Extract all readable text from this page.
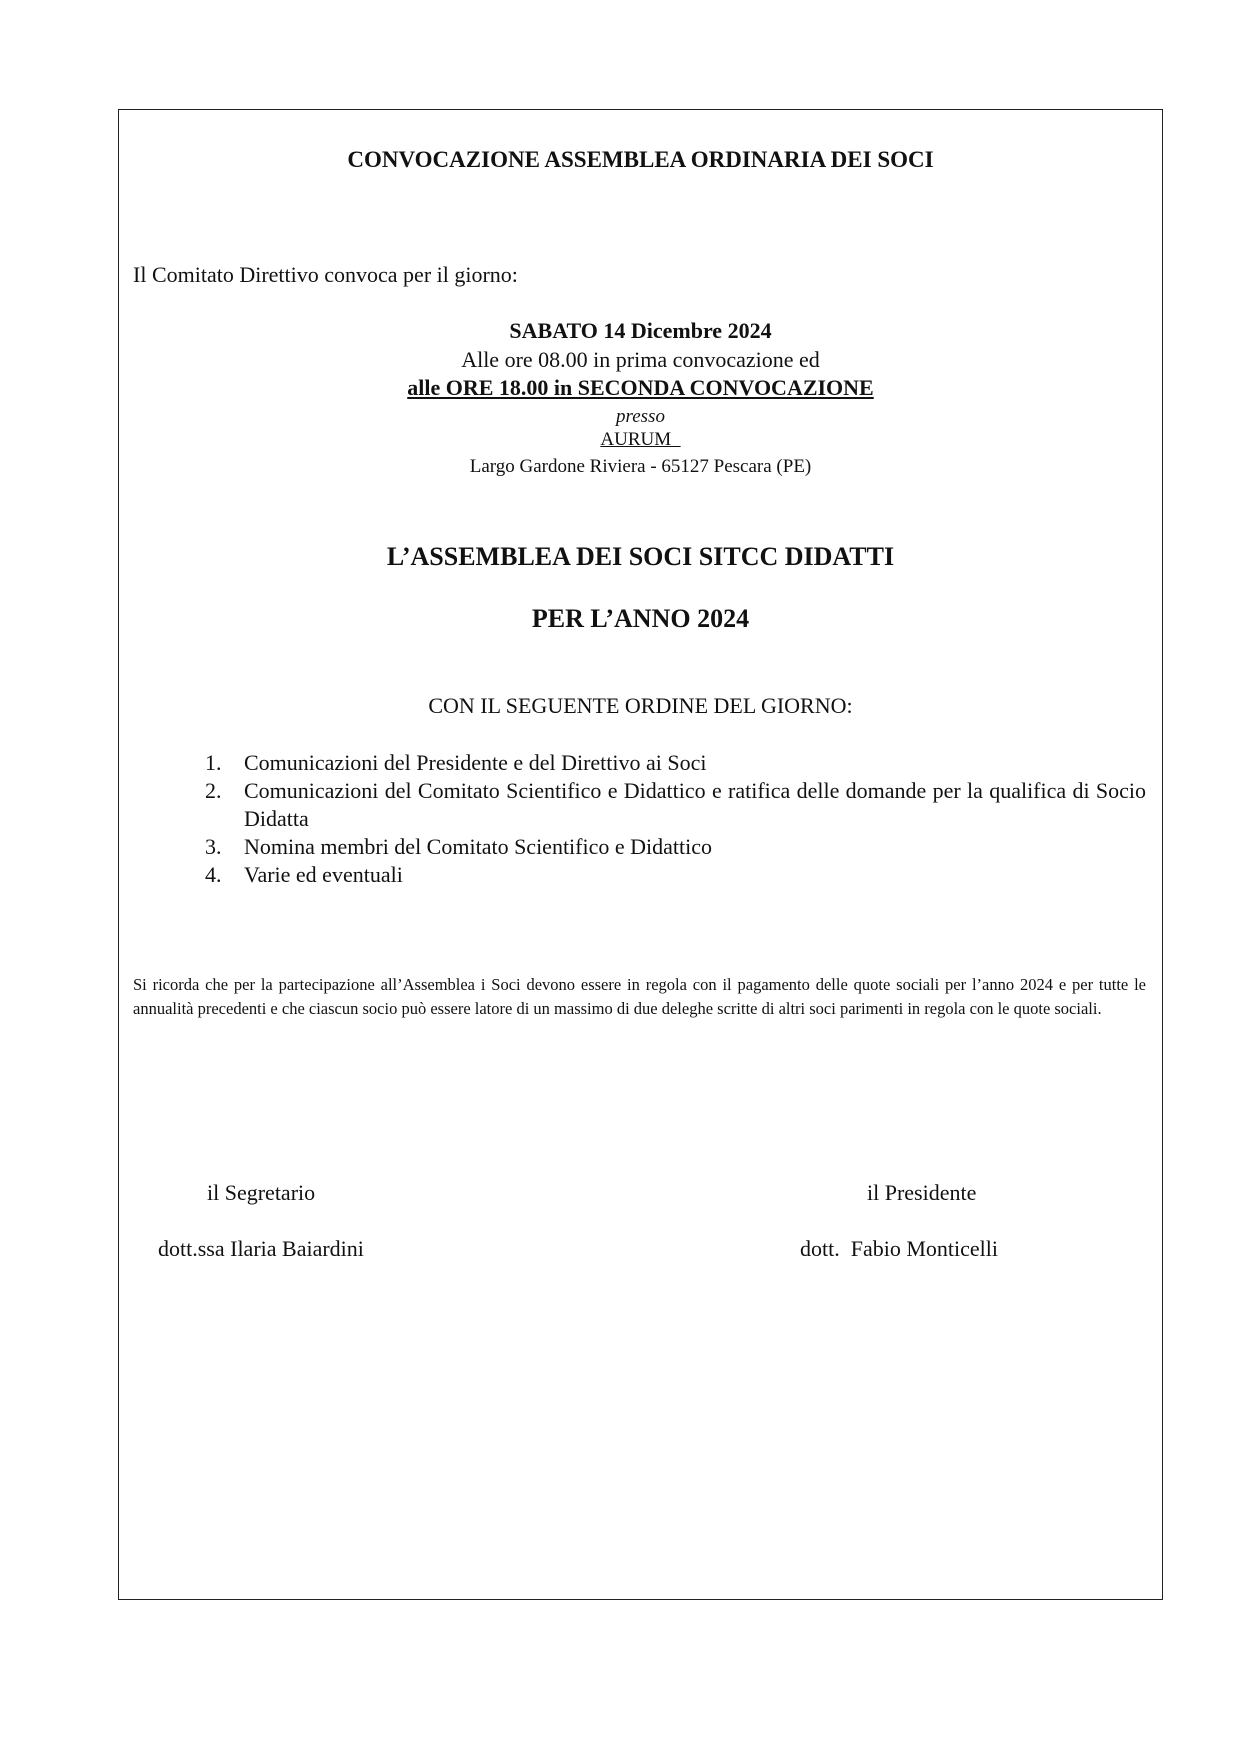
CONVOCAZIONE ASSEMBLEA ORDINARIA DEI SOCI
Il Comitato Direttivo convoca per il giorno:
SABATO 14 Dicembre 2024
Alle ore 08.00 in prima convocazione ed
alle ORE 18.00 in SECONDA CONVOCAZIONE
presso
AURUM
Largo Gardone Riviera - 65127 Pescara (PE)
L’ASSEMBLEA DEI SOCI SITCC DIDATTI
PER L’ANNO 2024
CON IL SEGUENTE ORDINE DEL GIORNO:
1. Comunicazioni del Presidente e del Direttivo ai Soci
2. Comunicazioni del Comitato Scientifico e Didattico e ratifica delle domande per la qualifica di Socio Didatta
3. Nomina membri del Comitato Scientifico e Didattico
4. Varie ed eventuali
Si ricorda che per la partecipazione all’Assemblea i Soci devono essere in regola con il pagamento delle quote sociali per l’anno 2024 e per tutte le annualità precedenti e che ciascun socio può essere latore di un massimo di due deleghe scritte di altri soci parimenti in regola con le quote sociali.
il Segretario	il Presidente
dott.ssa Ilaria Baiardini	dott.  Fabio Monticelli
